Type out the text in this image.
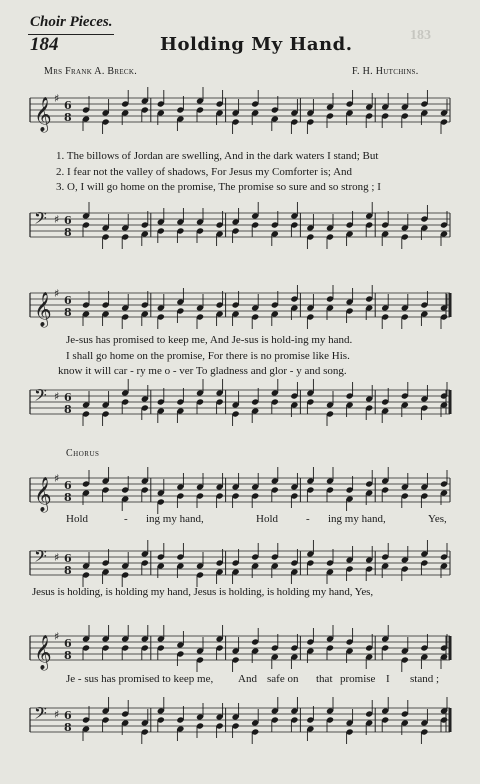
Choir Pieces.
184	Holding My Hand.	183
Mrs Frank A. Breck.	F. H. Hutchins.
𝄞 ♯
6
8
𝄢 ♯ 6
8
𝄞 ♯
6
8
𝄢 ♯ 6
8
𝄞 ♯
6
8
𝄢 ♯ 6
8
𝄞 ♯
6
8
𝄢 ♯ 6
8
1. The billows of Jordan are swelling, And in the dark waters I stand; But
2. I fear not the valley of shadows, For Jesus my Comforter is; And
3. O, I will go home on the promise, The promise so sure and so strong ; I
Je-sus has promised to keep me, And Je-sus is hold-ing my hand.
I shall go home on the promise, For there is no promise like His.
know it will car - ry me o - ver To gladness and glor - y and song.
Chorus
Hold	- ing my hand,	Hold	- ing my hand,	Yes,
Jesus is holding, is holding my hand, Jesus is holding, is holding my hand, Yes,
Je - sus has promised to keep me, And safe on that promise I stand ;
